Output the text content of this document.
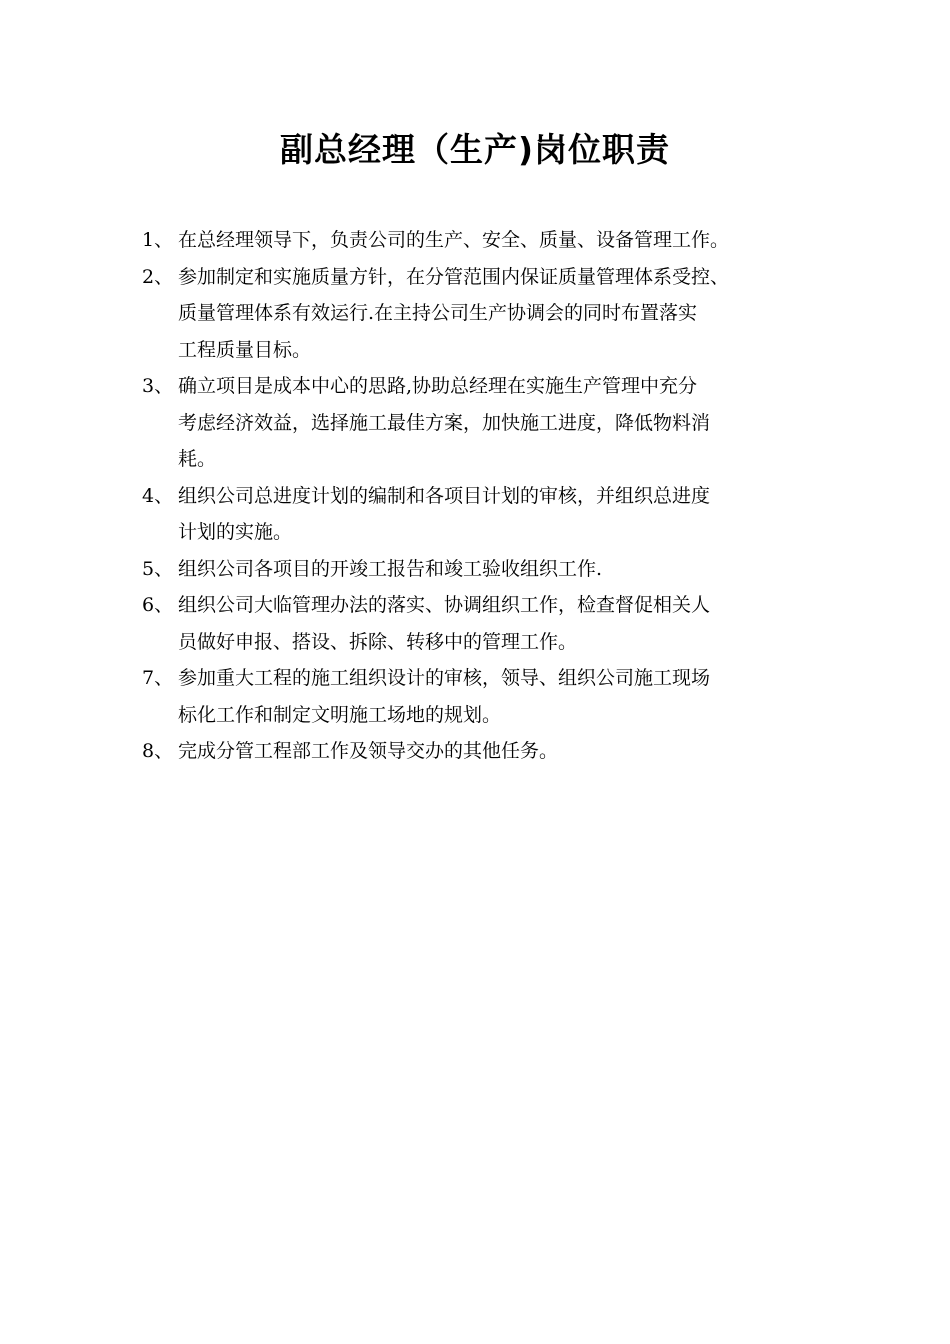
副总经理（生产)岗位职责
1、 在总经理领导下，负责公司的生产、安全、质量、设备管理工作。
2、 参加制定和实施质量方针，在分管范围内保证质量管理体系受控、
质量管理体系有效运行.在主持公司生产协调会的同时布置落实
工程质量目标。
3、 确立项目是成本中心的思路,协助总经理在实施生产管理中充分
考虑经济效益，选择施工最佳方案，加快施工进度，降低物料消
耗。
4、 组织公司总进度计划的编制和各项目计划的审核，并组织总进度
计划的实施。
5、 组织公司各项目的开竣工报告和竣工验收组织工作.
6、 组织公司大临管理办法的落实、协调组织工作，检查督促相关人
员做好申报、搭设、拆除、转移中的管理工作。
7、 参加重大工程的施工组织设计的审核，领导、组织公司施工现场
标化工作和制定文明施工场地的规划。
8、 完成分管工程部工作及领导交办的其他任务。
